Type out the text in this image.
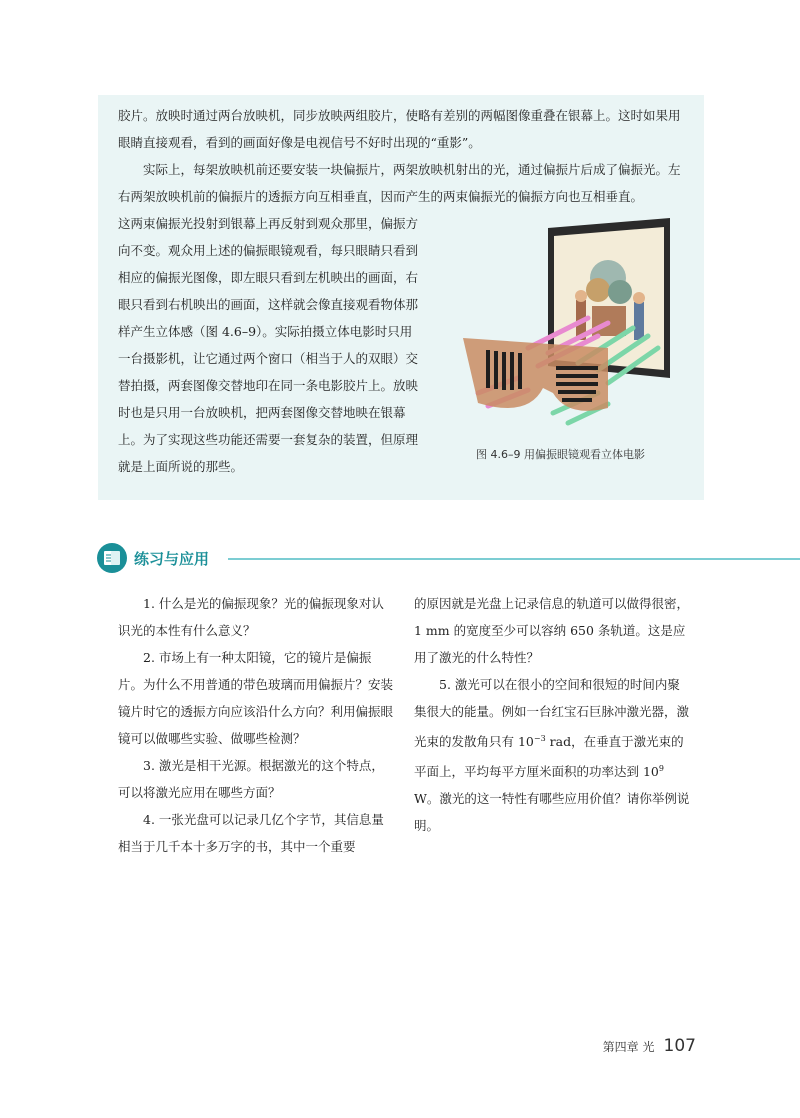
胶片。放映时通过两台放映机，同步放映两组胶片，使略有差别的两幅图像重叠在银幕上。这时如果用眼睛直接观看，看到的画面好像是电视信号不好时出现的“重影”。

实际上，每架放映机前还要安装一块偏振片，两架放映机射出的光，通过偏振片后成了偏振光。左右两架放映机前的偏振片的透振方向互相垂直，因而产生的两束偏振光的偏振方向也互相垂直。

这两束偏振光投射到银幕上再反射到观众那里，偏振方向不变。观众用上述的偏振眼镜观看，每只眼睛只看到相应的偏振光图像，即左眼只看到左机映出的画面，右眼只看到右机映出的画面，这样就会像直接观看物体那样产生立体感（图 4.6–9）。实际拍摄立体电影时只用一台摄影机，让它通过两个窗口（相当于人的双眼）交替拍摄，两套图像交替地印在同一条电影胶片上。放映时也是只用一台放映机，把两套图像交替地映在银幕上。为了实现这些功能还需要一套复杂的装置，但原理就是上面所说的那些。

图 4.6–9 用偏振眼镜观看立体电影
练习与应用

1. 什么是光的偏振现象？光的偏振现象对认识光的本性有什么意义？

2. 市场上有一种太阳镜，它的镜片是偏振片。为什么不用普通的带色玻璃而用偏振片？安装镜片时它的透振方向应该沿什么方向？利用偏振眼镜可以做哪些实验、做哪些检测？

3. 激光是相干光源。根据激光的这个特点，可以将激光应用在哪些方面？

4. 一张光盘可以记录几亿个字节，其信息量相当于几千本十多万字的书，其中一个重要

的原因就是光盘上记录信息的轨道可以做得很密，1 mm 的宽度至少可以容纳 650 条轨道。这是应用了激光的什么特性？

5. 激光可以在很小的空间和很短的时间内聚集很大的能量。例如一台红宝石巨脉冲激光器，激光束的发散角只有 $10^{-3}$ rad，在垂直于激光束的平面上，平均每平方厘米面积的功率达到 $10^9$ W。激光的这一特性有哪些应用价值？请你举例说明。

第四章 光 107
